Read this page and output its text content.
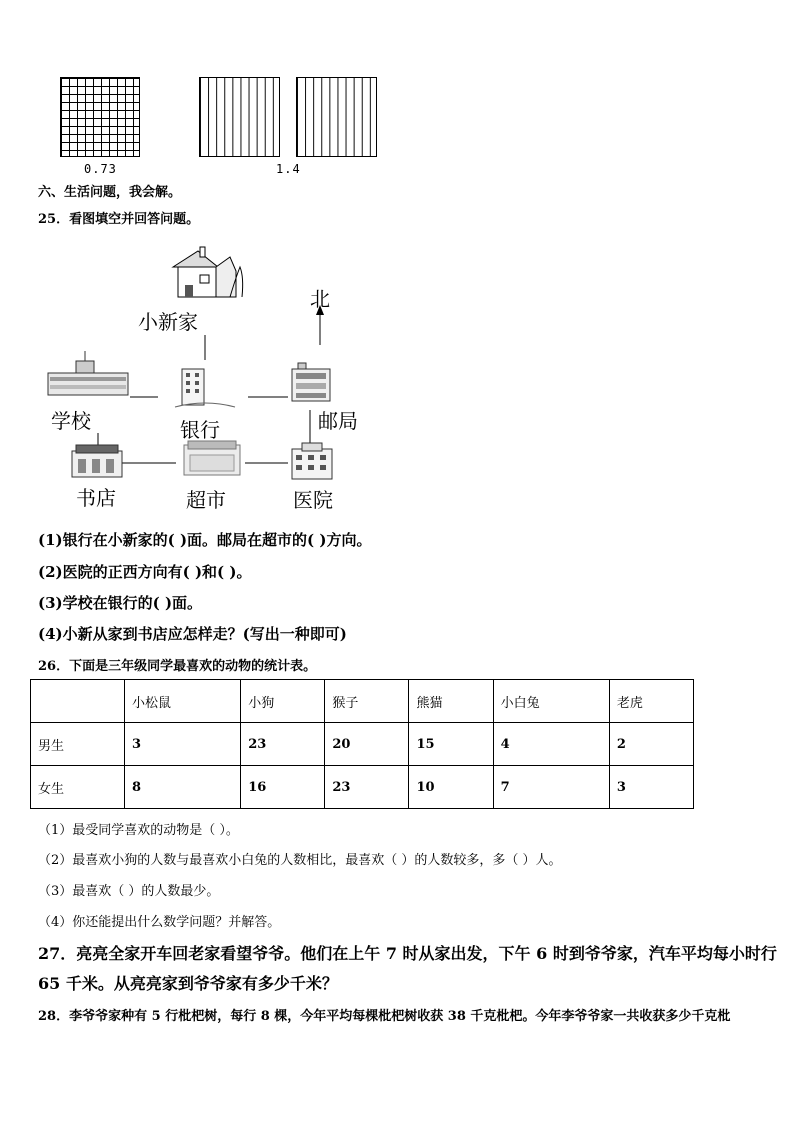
0.73	1.4
六、生活问题，我会解。
25．看图填空并回答问题。
小新家
北
学校	银行	邮局
书店	超市	医院
(1)银行在小新家的( )面。邮局在超市的( )方向。
(2)医院的正西方向有( )和( )。
(3)学校在银行的( )面。
(4)小新从家到书店应怎样走？(写出一种即可)
26．下面是三年级同学最喜欢的动物的统计表。
	小松鼠	小狗	猴子	熊猫	小白兔	老虎
男生	3	23	20	15	4	2
女生	8	16	23	10	7	3
（1）最受同学喜欢的动物是（ ）。
（2）最喜欢小狗的人数与最喜欢小白兔的人数相比，最喜欢（ ）的人数较多，多（ ）人。
（3）最喜欢（ ）的人数最少。
（4）你还能提出什么数学问题？并解答。
27．亮亮全家开车回老家看望爷爷。他们在上午 7 时从家出发，下午 6 时到爷爷家，汽车平均每小时行
65 千米。从亮亮家到爷爷家有多少千米？
28．李爷爷家种有 5 行枇杷树，每行 8 棵，今年平均每棵枇杷树收获 38 千克枇杷。今年李爷爷家一共收获多少千克枇
